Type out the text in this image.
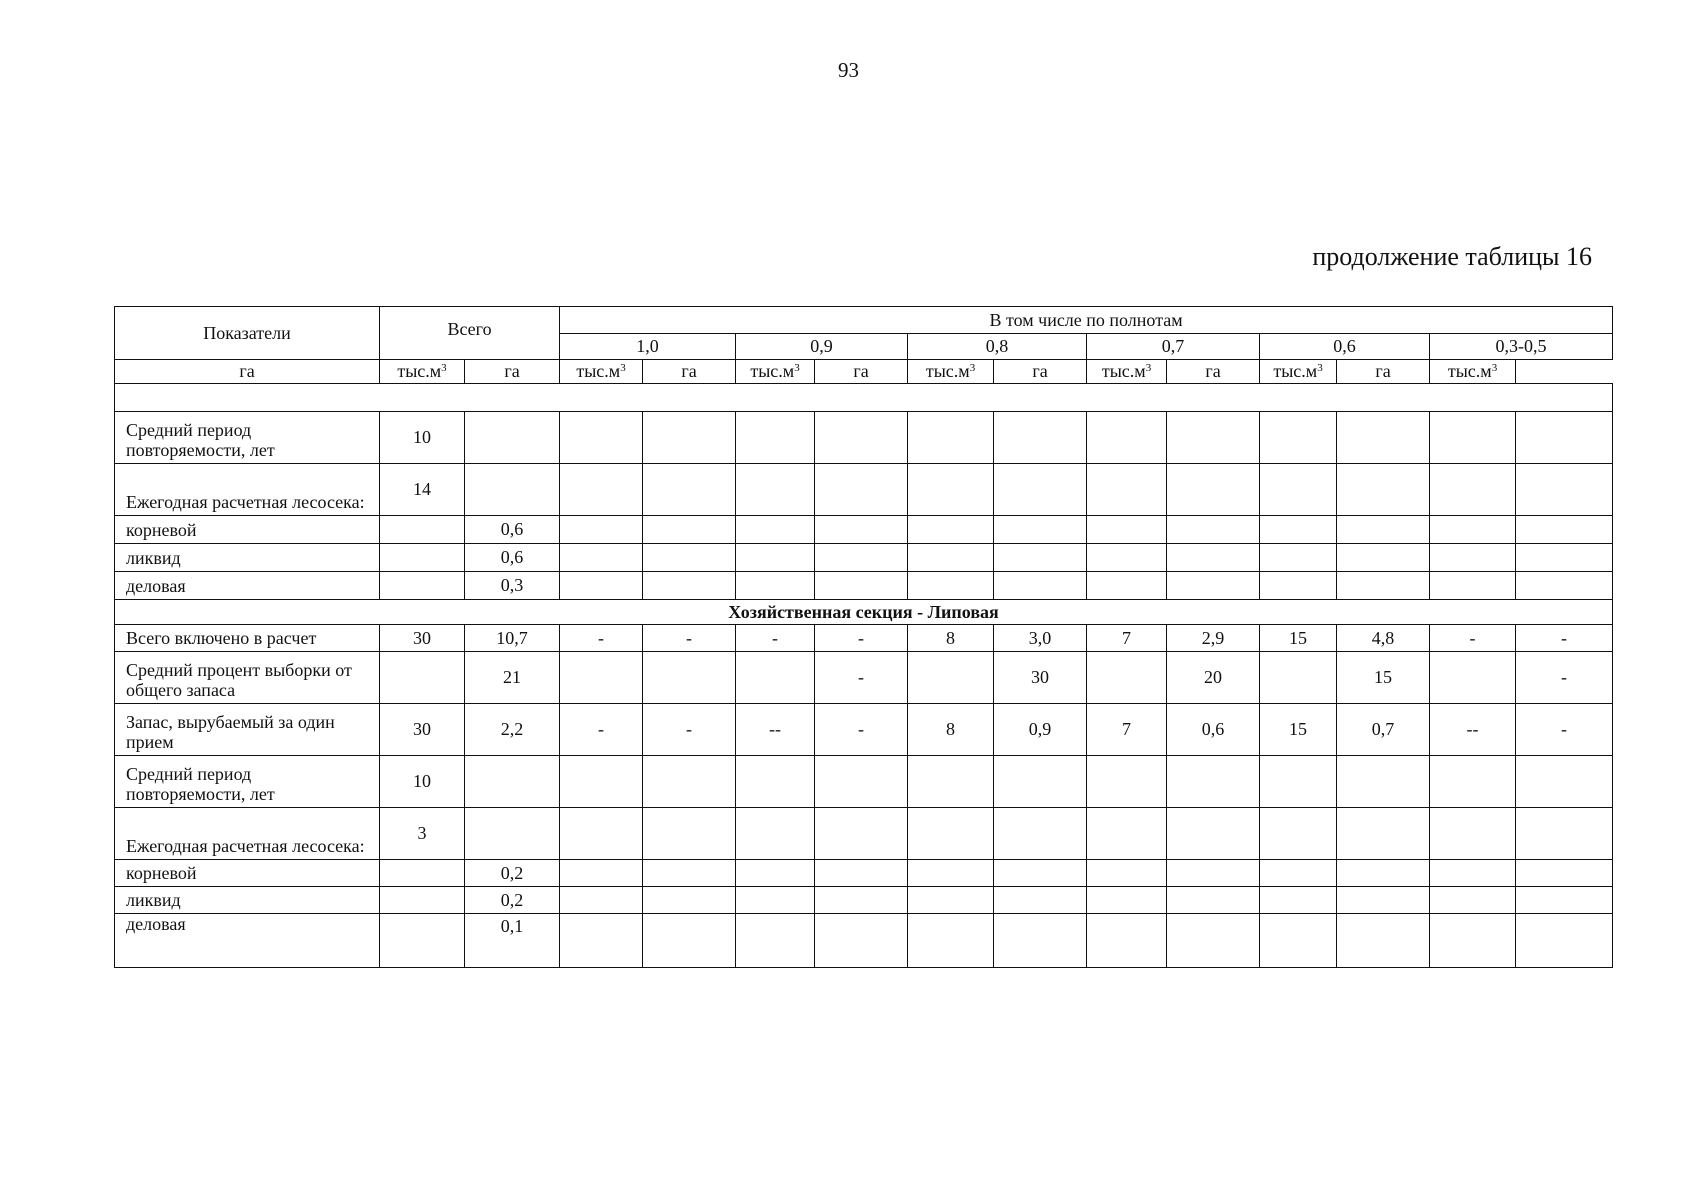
93
продолжение таблицы 16
Показатели	Всего		В том числе по полнотам											
			1,0		0,9		0,8		0,7		0,6		0,3-0,5	
га	$тыс.м^3$	га	$тыс.м^3$	га	$тыс.м^3$	га	$тыс.м^3$	га	$тыс.м^3$	га	$тыс.м^3$	га	$тыс.м^3$

Средний период повторяемости, лет	10													
Ежегодная расчетная лесосека:	14													
корневой		0,6												
ликвид		0,6												
деловая		0,3												
Хозяйственная секция - Липовая														
Всего включено в расчет	30	10,7	-	-	-	-	8	3,0	7	2,9	15	4,8	-	-
Средний процент выборки от общего запаса		21				-		30		20		15		-
Запас, вырубаемый за один прием	30	2,2	-	-	--	-	8	0,9	7	0,6	15	0,7	--	-
Средний период повторяемости, лет	10													
Ежегодная расчетная лесосека:	3													
корневой		0,2												
ликвид		0,2												
деловая		0,1												
